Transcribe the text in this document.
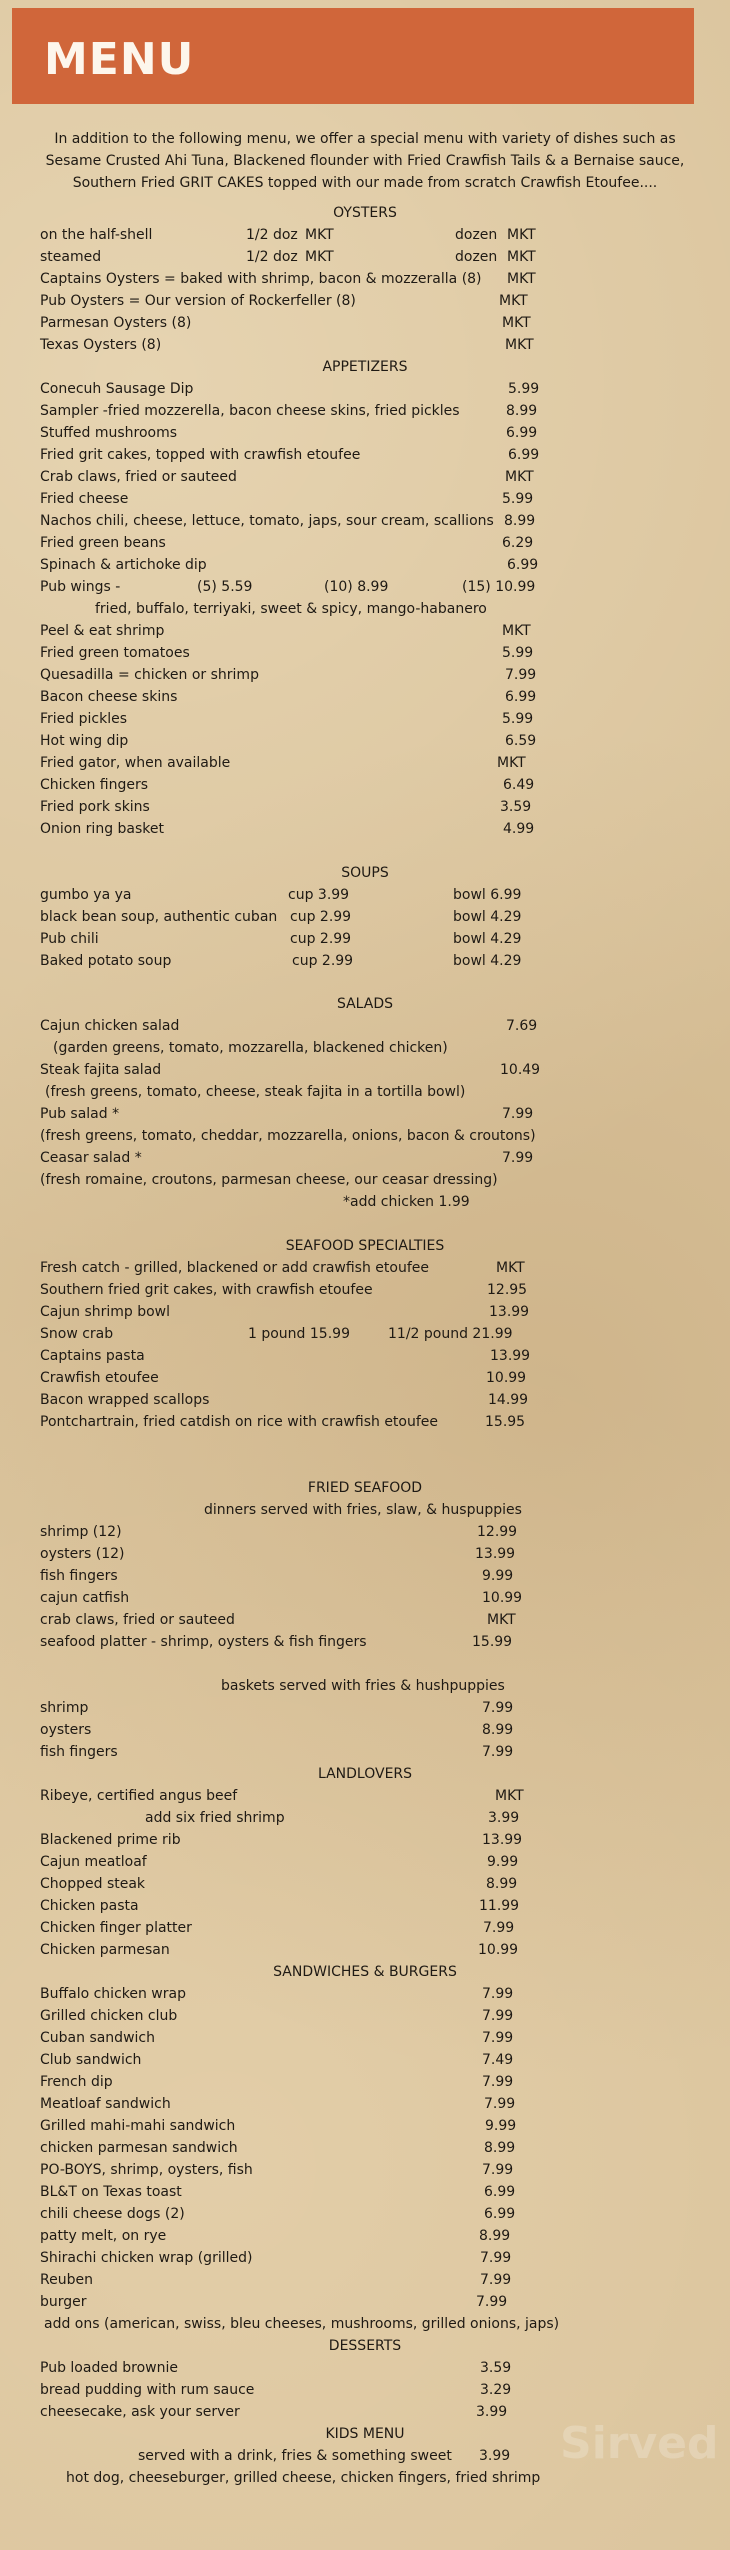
MENU
In addition to the following menu, we offer a special menu with variety of dishes such as Sesame Crusted Ahi Tuna, Blackened flounder with Fried Crawfish Tails & a Bernaise sauce, Southern Fried GRIT CAKES topped with our made from scratch Crawfish Etoufee....
OYSTERS
on the half-shell	1/2 doz MKT	dozen MKT
steamed	1/2 doz MKT	dozen MKT
Captains Oysters = baked with shrimp, bacon & mozzeralla (8) MKT
Pub Oysters = Our version of Rockerfeller (8)	MKT
Parmesan Oysters (8)	MKT
Texas Oysters (8)	MKT
APPETIZERS
Conecuh Sausage Dip	5.99
Sampler -fried mozzerella, bacon cheese skins, fried pickles	8.99
Stuffed mushrooms	6.99
Fried grit cakes, topped with crawfish etoufee	6.99
Crab claws, fried or sauteed	MKT
Fried cheese	5.99
Nachos chili, cheese, lettuce, tomato, japs, sour cream, scallions 8.99
Fried green beans	6.29
Spinach & artichoke dip	6.99
Pub wings -	(5) 5.59	(10) 8.99	(15) 10.99
fried, buffalo, terriyaki, sweet & spicy, mango-habanero
Peel & eat shrimp	MKT
Fried green tomatoes	5.99
Quesadilla = chicken or shrimp	7.99
Bacon cheese skins	6.99
Fried pickles	5.99
Hot wing dip	6.59
Fried gator, when available	MKT
Chicken fingers	6.49
Fried pork skins	3.59
Onion ring basket	4.99
SOUPS
gumbo ya ya	cup 3.99	bowl 6.99
black bean soup, authentic cuban cup 2.99	bowl 4.29
Pub chili	cup 2.99	bowl 4.29
Baked potato soup	cup 2.99	bowl 4.29
SALADS
Cajun chicken salad	7.69
(garden greens, tomato, mozzarella, blackened chicken)
Steak fajita salad	10.49
(fresh greens, tomato, cheese, steak fajita in a tortilla bowl)
Pub salad *	7.99
(fresh greens, tomato, cheddar, mozzarella, onions, bacon & croutons)
Ceasar salad *	7.99
(fresh romaine, croutons, parmesan cheese, our ceasar dressing)
*add chicken 1.99
SEAFOOD SPECIALTIES
Fresh catch - grilled, blackened or add crawfish etoufee	MKT
Southern fried grit cakes, with crawfish etoufee	12.95
Cajun shrimp bowl	13.99
Snow crab	1 pound 15.99	11/2 pound 21.99
Captains pasta	13.99
Crawfish etoufee	10.99
Bacon wrapped scallops	14.99
Pontchartrain, fried catdish on rice with crawfish etoufee	15.95
FRIED SEAFOOD
dinners served with fries, slaw, & huspuppies
shrimp (12)	12.99
oysters (12)	13.99
fish fingers	9.99
cajun catfish	10.99
crab claws, fried or sauteed	MKT
seafood platter - shrimp, oysters & fish fingers	15.99
baskets served with fries & hushpuppies
shrimp	7.99
oysters	8.99
fish fingers	7.99
LANDLOVERS
Ribeye, certified angus beef	MKT
add six fried shrimp	3.99
Blackened prime rib	13.99
Cajun meatloaf	9.99
Chopped steak	8.99
Chicken pasta	11.99
Chicken finger platter	7.99
Chicken parmesan	10.99
SANDWICHES & BURGERS
Buffalo chicken wrap	7.99
Grilled chicken club	7.99
Cuban sandwich	7.99
Club sandwich	7.49
French dip	7.99
Meatloaf sandwich	7.99
Grilled mahi-mahi sandwich	9.99
chicken parmesan sandwich	8.99
PO-BOYS, shrimp, oysters, fish	7.99
BL&T on Texas toast	6.99
chili cheese dogs (2)	6.99
patty melt, on rye	8.99
Shirachi chicken wrap (grilled)	7.99
Reuben	7.99
burger	7.99
add ons (american, swiss, bleu cheeses, mushrooms, grilled onions, japs)
DESSERTS
Pub loaded brownie	3.59
bread pudding with rum sauce	3.29
cheesecake, ask your server	3.99
KIDS MENU
served with a drink, fries & something sweet 3.99
hot dog, cheeseburger, grilled cheese, chicken fingers, fried shrimp
Sirved
